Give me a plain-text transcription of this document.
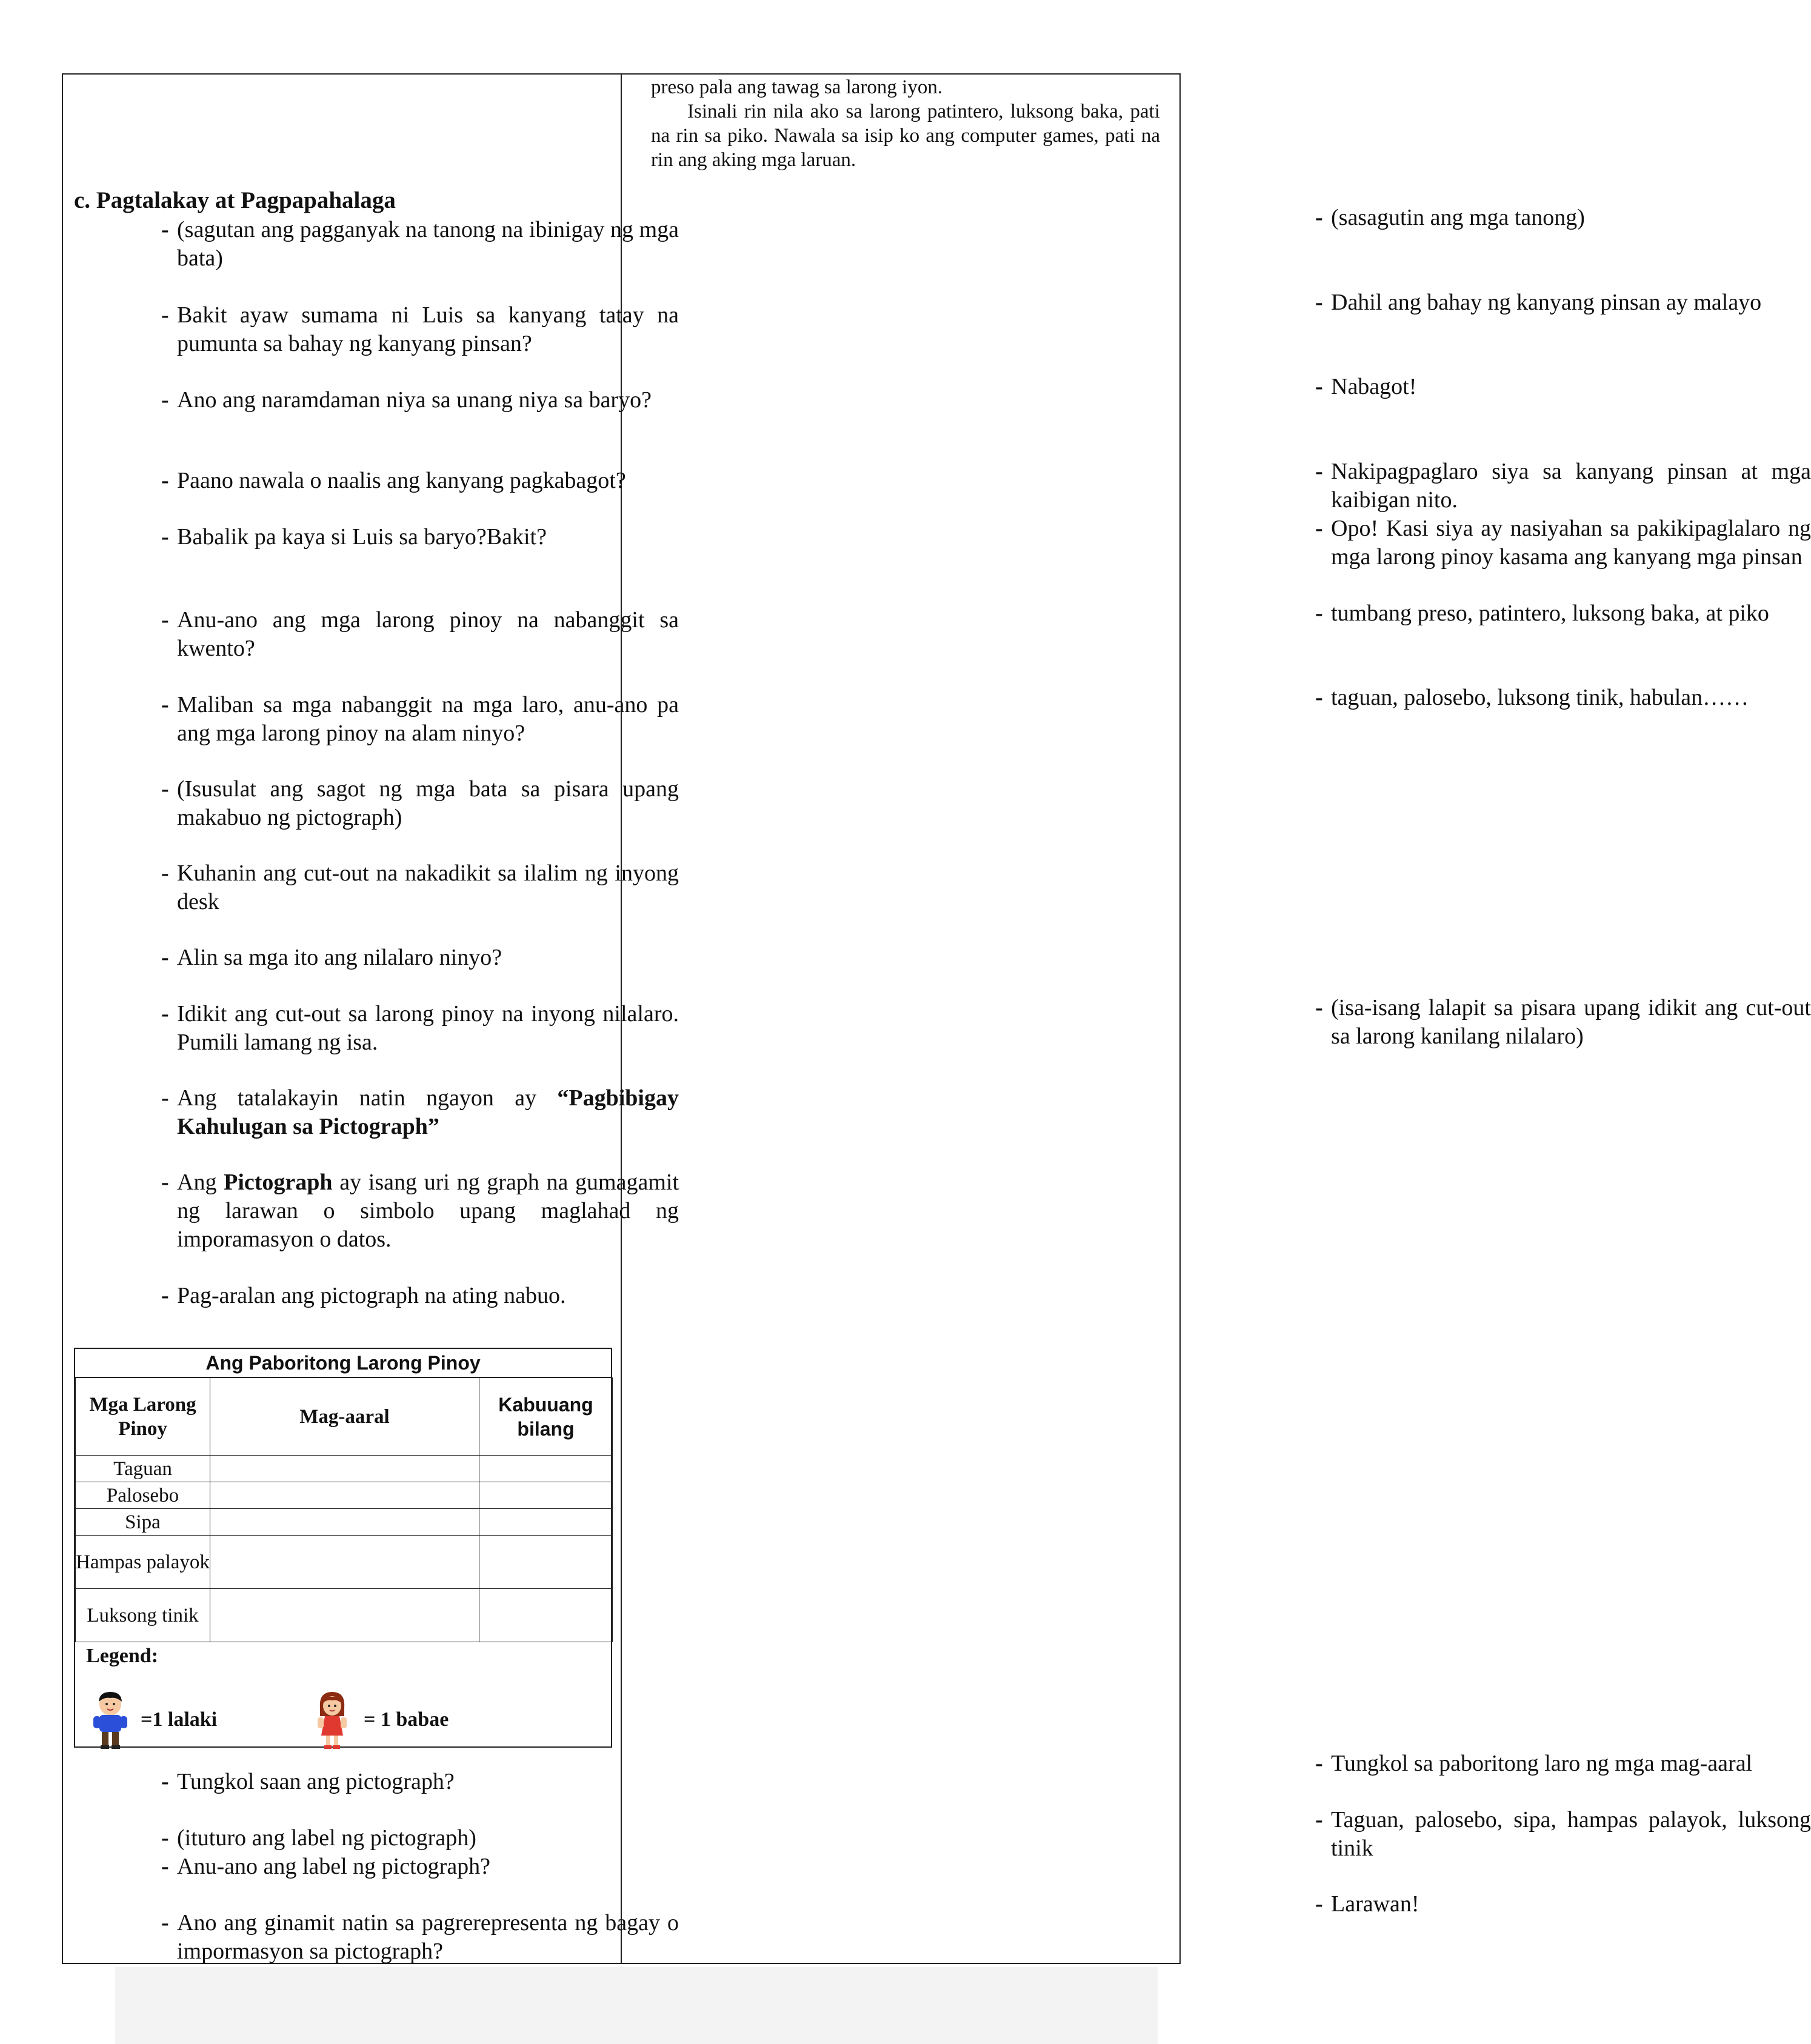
preso pala ang tawag sa larong iyon.
Isinali rin nila ako sa larong patintero, luksong baka, pati na rin sa piko. Nawala sa isip ko ang computer games, pati na rin ang aking mga laruan.
c. Pagtalakay at Pagpapahalaga
- (sagutan ang pagganyak na tanong na ibinigay ng mga bata)
- Bakit ayaw sumama ni Luis sa kanyang tatay na pumunta sa bahay ng kanyang pinsan?
- Ano ang naramdaman niya sa unang niya sa baryo?
- Paano nawala o naalis ang kanyang pagkabagot?
- Babalik pa kaya si Luis sa baryo?Bakit?
- Anu-ano ang mga larong pinoy na nabanggit sa kwento?
- Maliban sa mga nabanggit na mga laro, anu-ano pa ang mga larong pinoy na alam ninyo?
- (Isusulat ang sagot ng mga bata sa pisara upang makabuo ng pictograph)
- Kuhanin ang cut-out na nakadikit sa ilalim ng inyong desk
- Alin sa mga ito ang nilalaro ninyo?
- Idikit ang cut-out sa larong pinoy na inyong nilalaro. Pumili lamang ng isa.
- Ang tatalakayin natin ngayon ay “Pagbibigay Kahulugan sa Pictograph”
- Ang Pictograph ay isang uri ng graph na gumagamit ng larawan o simbolo upang maglahad ng imporamasyon o datos.
- Pag-aralan ang pictograph na ating nabuo.
- Tungkol saan ang pictograph?
- (ituturo ang label ng pictograph)
- Anu-ano ang label ng pictograph?
- Ano ang ginamit natin sa pagrerepresenta ng bagay o impormasyon sa pictograph?
- (sasagutin ang mga tanong)
- Dahil ang bahay ng kanyang pinsan ay malayo
- Nabagot!
- Nakipagpaglaro siya sa kanyang pinsan at mga kaibigan nito.
- Opo! Kasi siya ay nasiyahan sa pakikipaglalaro ng mga larong pinoy kasama ang kanyang mga pinsan
- tumbang preso, patintero, luksong baka, at piko
- taguan, palosebo, luksong tinik, habulan……
- (isa-isang lalapit sa pisara upang idikit ang cut-out sa larong kanilang nilalaro)
- Tungkol sa paboritong laro ng mga mag-aaral
- Taguan, palosebo, sipa, hampas palayok, luksong tinik
- Larawan!
Ang Paboritong Larong Pinoy
Mga Larong Pinoy	Mag-aaral	Kabuuang bilang
Taguan		
Palosebo		
Sipa		
Hampas palayok		
Luksong tinik		
Legend:
=1 lalaki	= 1 babae
